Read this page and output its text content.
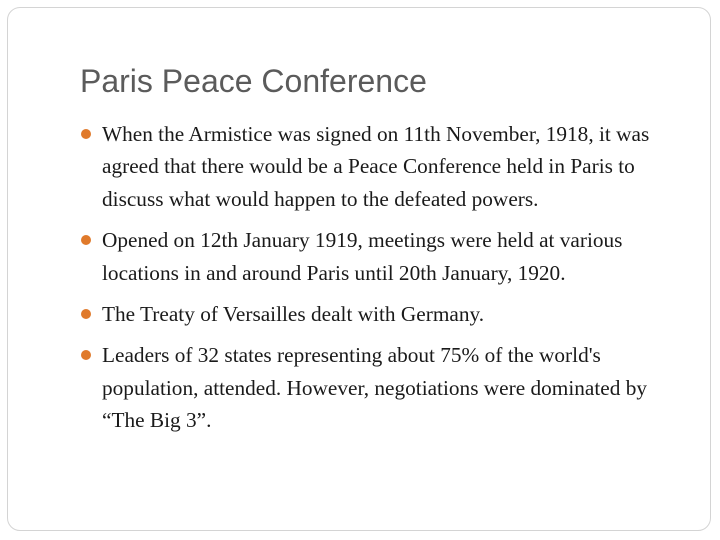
Paris Peace Conference
When the Armistice was signed on 11th November, 1918, it was agreed that there would be a Peace Conference held in Paris to discuss what would happen to the defeated powers.
Opened on 12th January 1919, meetings were held at various locations in and around Paris until 20th January, 1920.
The Treaty of Versailles dealt with Germany.
Leaders of 32 states representing about 75% of the world's population, attended. However, negotiations were dominated by “The Big 3”.
